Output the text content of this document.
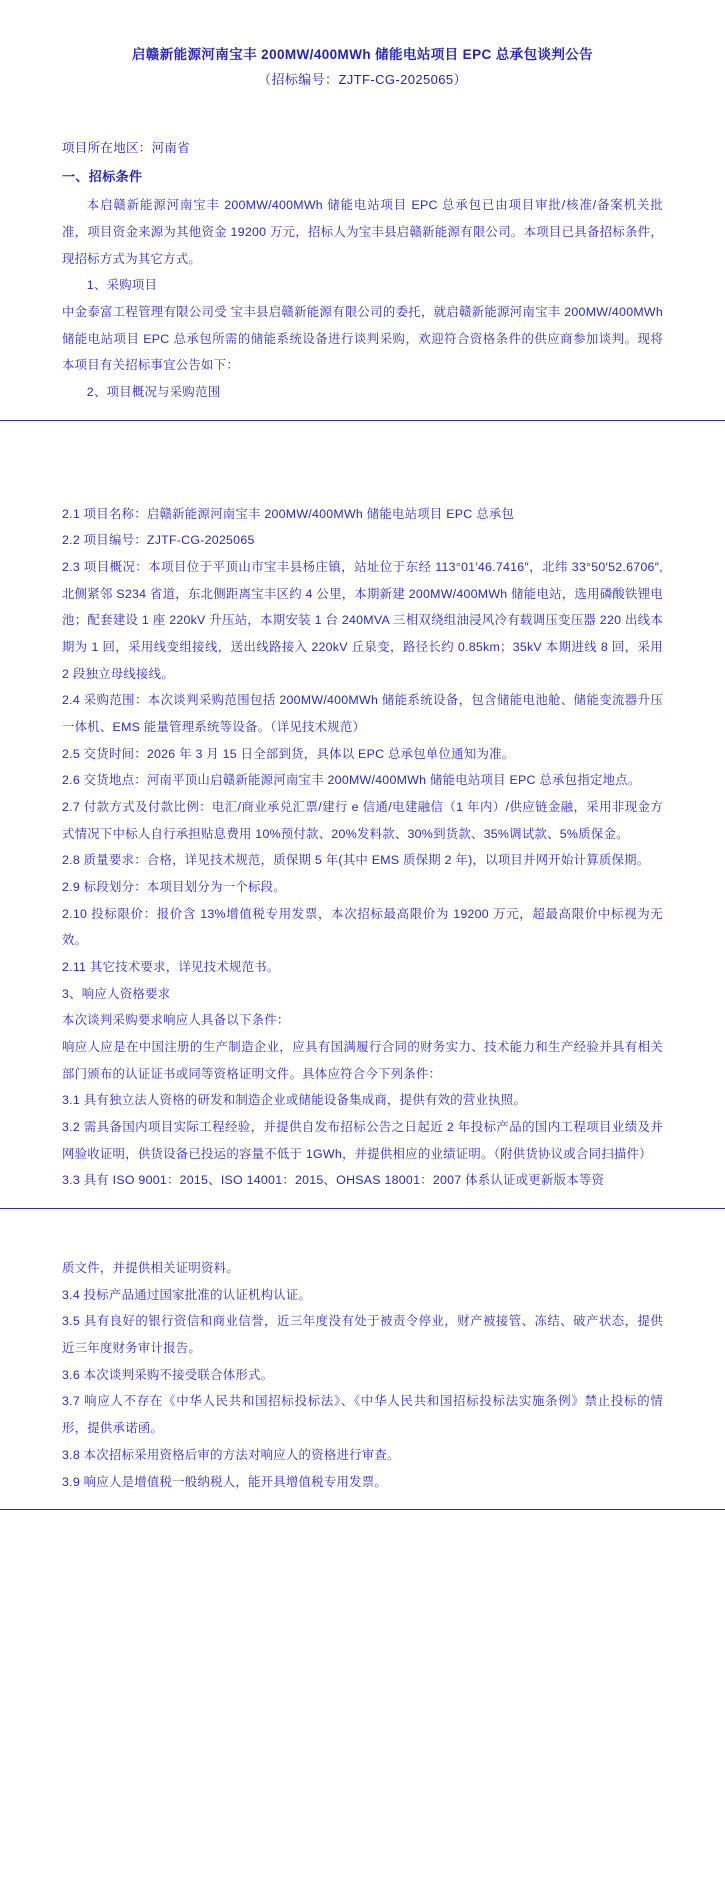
启赣新能源河南宝丰 200MW/400MWh 储能电站项目 EPC 总承包谈判公告
（招标编号：ZJTF-CG-2025065）
项目所在地区：河南省
一、招标条件

本启赣新能源河南宝丰 200MW/400MWh 储能电站项目 EPC 总承包已由项目审批/核准/备案机关批准，项目资金来源为其他资金 19200 万元，招标人为宝丰县启赣新能源有限公司。本项目已具备招标条件，现招标方式为其它方式。

1、采购项目

中金泰富工程管理有限公司受 宝丰县启赣新能源有限公司的委托，就启赣新能源河南宝丰 200MW/400MWh 储能电站项目 EPC 总承包所需的储能系统设备进行谈判采购，欢迎符合资格条件的供应商参加谈判。现将本项目有关招标事宜公告如下：

2、项目概况与采购范围

2.1 项目名称：启赣新能源河南宝丰 200MW/400MWh 储能电站项目 EPC 总承包

2.2 项目编号：ZJTF-CG-2025065

2.3 项目概况：本项目位于平顶山市宝丰县杨庄镇，站址位于东经 113°01′46.7416″，北纬 33°50′52.6706″,北侧紧邻 S234 省道，东北侧距离宝丰区约 4 公里，本期新建 200MW/400MWh 储能电站，选用磷酸铁锂电池；配套建设 1 座 220kV 升压站，本期安装 1 台 240MVA 三相双绕组油浸风冷有载调压变压器 220 出线本期为 1 回，采用线变组接线，送出线路接入 220kV 丘泉变，路径长约 0.85km；35kV 本期进线 8 回，采用 2 段独立母线接线。

2.4 采购范围：本次谈判采购范围包括 200MW/400MWh 储能系统设备，包含储能电池舱、储能变流器升压一体机、EMS 能量管理系统等设备。（详见技术规范）

2.5 交货时间：2026 年 3 月 15 日全部到货，具体以 EPC 总承包单位通知为准。

2.6 交货地点：河南平顶山启赣新能源河南宝丰 200MW/400MWh 储能电站项目 EPC 总承包指定地点。

2.7 付款方式及付款比例：电汇/商业承兑汇票/建行 e 信通/电建融信（1 年内）/供应链金融，采用非现金方式情况下中标人自行承担贴息费用 10%预付款、20%发料款、30%到货款、35%调试款、5%质保金。

2.8 质量要求：合格，详见技术规范，质保期 5 年(其中 EMS 质保期 2 年)，以项目并网开始计算质保期。

2.9 标段划分：本项目划分为一个标段。

2.10 投标限价：报价含 13%增值税专用发票，本次招标最高限价为 19200 万元，超最高限价中标视为无效。

2.11 其它技术要求，详见技术规范书。

3、响应人资格要求

本次谈判采购要求响应人具备以下条件：

响应人应是在中国注册的生产制造企业，应具有国满履行合同的财务实力、技术能力和生产经验并具有相关部门颁布的认证证书或同等资格证明文件。具体应符合今下列条件：

3.1 具有独立法人资格的研发和制造企业或储能设备集成商，提供有效的营业执照。

3.2 需具备国内项目实际工程经验，并提供自发布招标公告之日起近 2 年投标产品的国内工程项目业绩及并网验收证明，供货设备已投运的容量不低于 1GWh，并提供相应的业绩证明。（附供货协议或合同扫描件）

3.3 具有 ISO 9001：2015、ISO 14001：2015、OHSAS 18001：2007 体系认证或更新版本等资

质文件，并提供相关证明资料。

3.4 投标产品通过国家批准的认证机构认证。

3.5 具有良好的银行资信和商业信誉，近三年度没有处于被责令停业，财产被接管、冻结、破产状态，提供近三年度财务审计报告。

3.6 本次谈判采购不接受联合体形式。

3.7 响应人不存在《中华人民共和国招标投标法》、《中华人民共和国招标投标法实施条例》禁止投标的情形，提供承诺函。

3.8 本次招标采用资格后审的方法对响应人的资格进行审查。

3.9 响应人是增值税一般纳税人，能开具增值税专用发票。
